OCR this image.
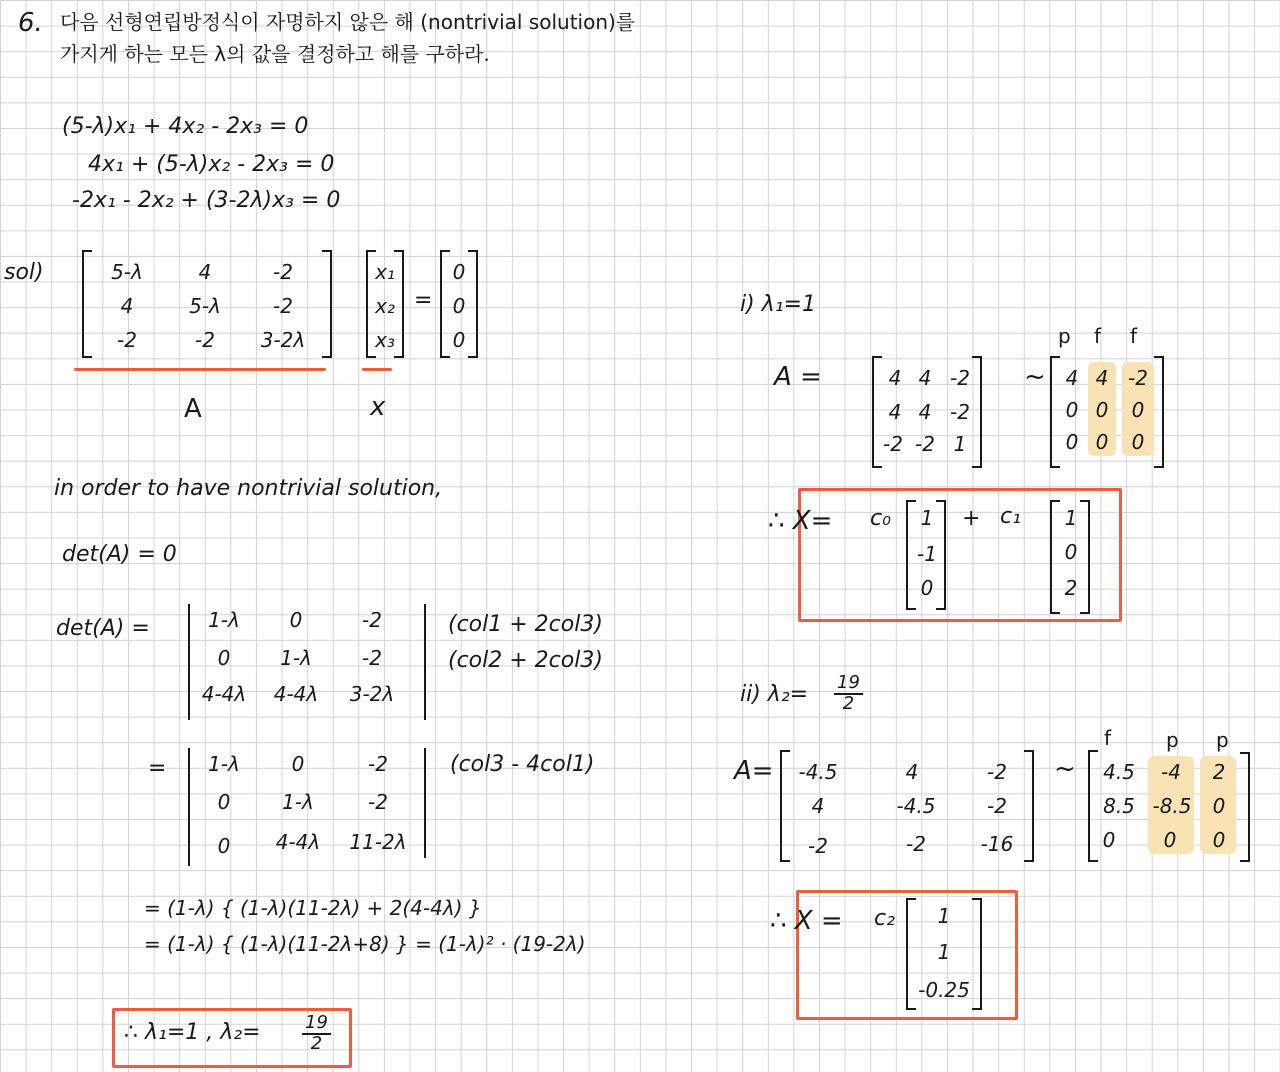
6. 다음 선형연립방정식이 자명하지 않은 해 (nontrivial solution)를
가지게 하는 모든 λ의 값을 결정하고 해를 구하라.
(5-λ)x₁ + 4x₂ - 2x₃ = 0
4x₁ + (5-λ)x₂ - 2x₃ = 0
-2x₁ - 2x₂ + (3-2λ)x₃ = 0
sol)	5-λ	4	-2
4	5-λ	-2
-2	-2	3-2λ
x₁
x₂
x₃
=
0
0
0
A	x
in order to have nontrivial solution,
det(A) = 0
det(A) =	1-λ	0	-2
0	1-λ	-2
4-4λ	4-4λ	3-2λ
(col1 + 2col3)
(col2 + 2col3)
=	1-λ	0	-2
0	1-λ	-2
0	4-4λ	11-2λ
(col3 - 4col1)
= (1-λ) { (1-λ)(11-2λ) + 2(4-4λ) }
= (1-λ) { (1-λ)(11-2λ+8) } = (1-λ)² · (19-2λ)
∴ λ₁=1 , $\lambda_2= \frac{19}{2}$
i) λ₁=1
p f f
A =	4 4 -2
4 4 -2
-2 -2 1
~ 4 4 -2
0 0	0
0 0	0
∴ X= c₀	1
-1
0
+ c₁	1
0
2
ii) $\lambda_2= \frac{19}{2}$
f	p p
A=	-4.5	4	-2
4	-4.5	-2
-2	-2	-16
~	4.5	-4	2
8.5 -8.5	0
0	0	0
∴ X = c₂	1
1
-0.25
